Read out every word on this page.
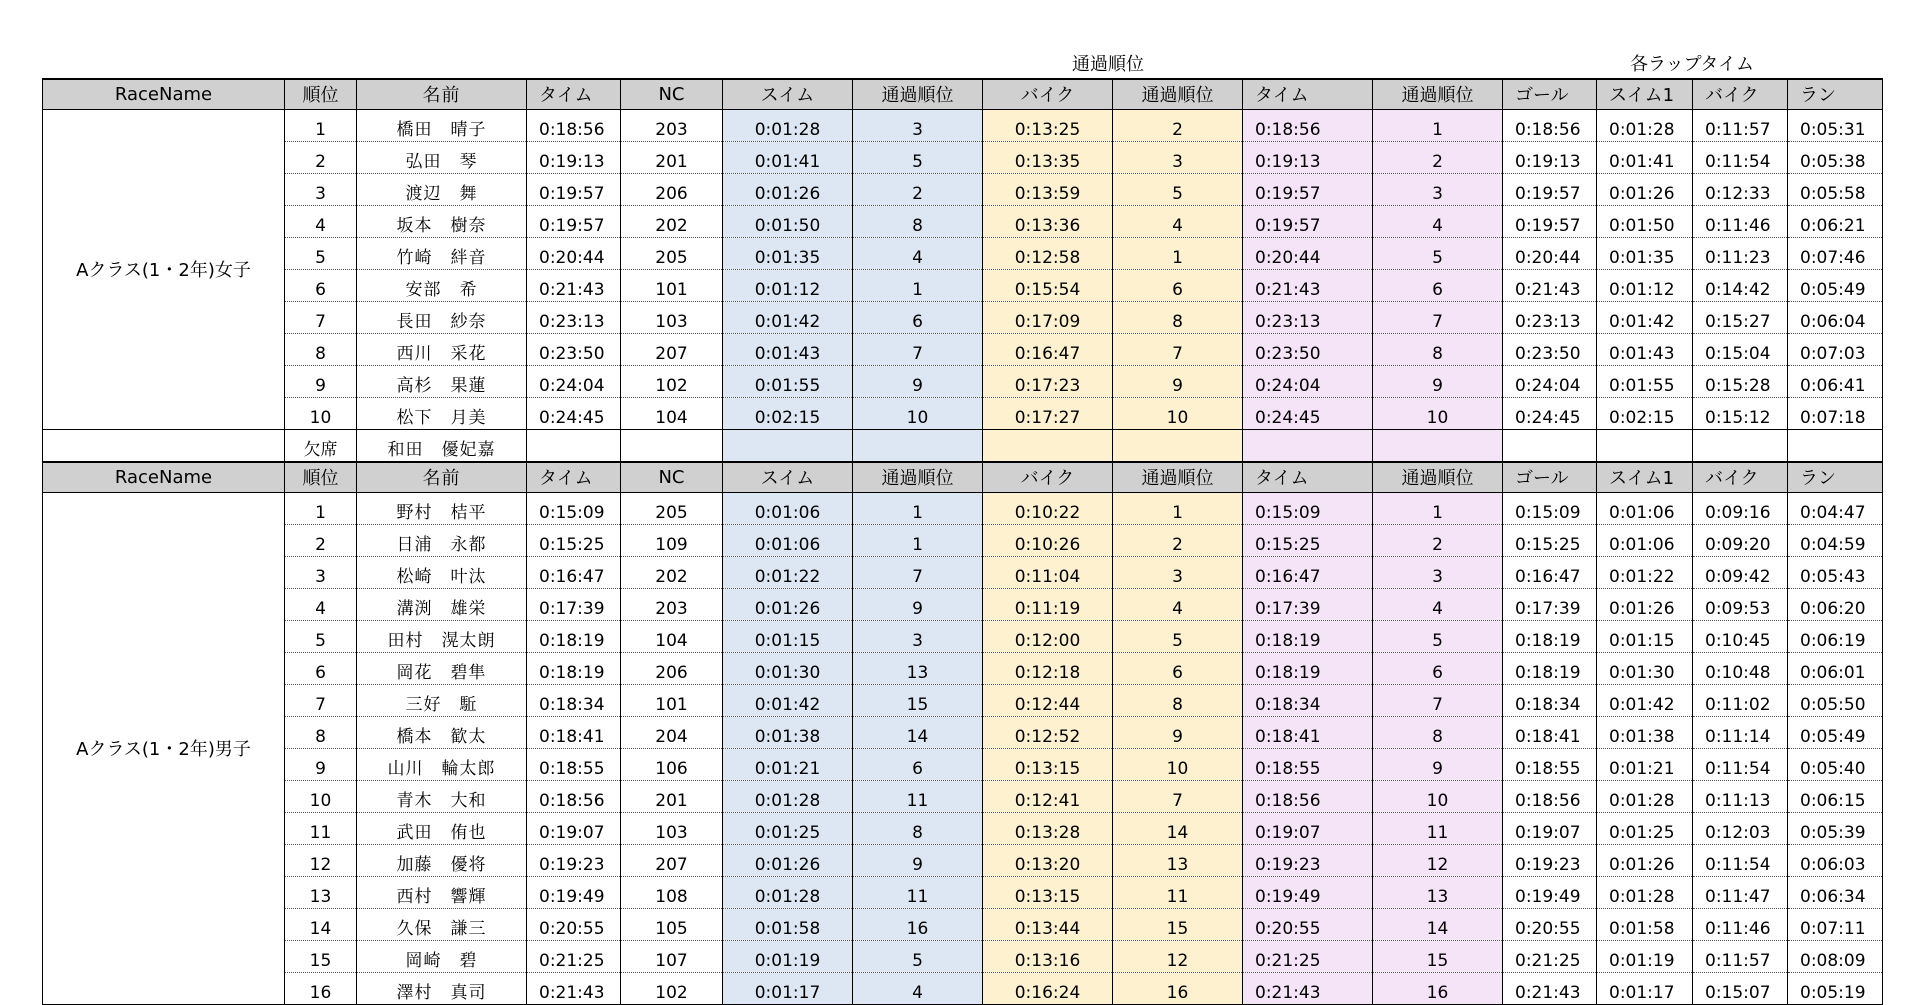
通過順位	各ラップタイム
RaceName	順位	名前	タイム	NC	スイム	通過順位	バイク	通過順位	タイム	通過順位	ゴール	スイム1	バイク	ラン
Aクラス(1・2年)女子	1	橋田　晴子	0:18:56	203	0:01:28	3	0:13:25	2	0:18:56	1	0:18:56	0:01:28	0:11:57	0:05:31
	2	弘田　琴	0:19:13	201	0:01:41	5	0:13:35	3	0:19:13	2	0:19:13	0:01:41	0:11:54	0:05:38
	3	渡辺　舞	0:19:57	206	0:01:26	2	0:13:59	5	0:19:57	3	0:19:57	0:01:26	0:12:33	0:05:58
	4	坂本　樹奈	0:19:57	202	0:01:50	8	0:13:36	4	0:19:57	4	0:19:57	0:01:50	0:11:46	0:06:21
	5	竹崎　絆音	0:20:44	205	0:01:35	4	0:12:58	1	0:20:44	5	0:20:44	0:01:35	0:11:23	0:07:46
	6	安部　希	0:21:43	101	0:01:12	1	0:15:54	6	0:21:43	6	0:21:43	0:01:12	0:14:42	0:05:49
	7	長田　紗奈	0:23:13	103	0:01:42	6	0:17:09	8	0:23:13	7	0:23:13	0:01:42	0:15:27	0:06:04
	8	西川　采花	0:23:50	207	0:01:43	7	0:16:47	7	0:23:50	8	0:23:50	0:01:43	0:15:04	0:07:03
	9	高杉　果蓮	0:24:04	102	0:01:55	9	0:17:23	9	0:24:04	9	0:24:04	0:01:55	0:15:28	0:06:41
	10	松下　月美	0:24:45	104	0:02:15	10	0:17:27	10	0:24:45	10	0:24:45	0:02:15	0:15:12	0:07:18
	欠席	和田　優妃嘉												
RaceName	順位	名前	タイム	NC	スイム	通過順位	バイク	通過順位	タイム	通過順位	ゴール	スイム1	バイク	ラン
Aクラス(1・2年)男子	1	野村　桔平	0:15:09	205	0:01:06	1	0:10:22	1	0:15:09	1	0:15:09	0:01:06	0:09:16	0:04:47
	2	日浦　永都	0:15:25	109	0:01:06	1	0:10:26	2	0:15:25	2	0:15:25	0:01:06	0:09:20	0:04:59
	3	松崎　叶汰	0:16:47	202	0:01:22	7	0:11:04	3	0:16:47	3	0:16:47	0:01:22	0:09:42	0:05:43
	4	溝渕　雄栄	0:17:39	203	0:01:26	9	0:11:19	4	0:17:39	4	0:17:39	0:01:26	0:09:53	0:06:20
	5	田村　滉太朗	0:18:19	104	0:01:15	3	0:12:00	5	0:18:19	5	0:18:19	0:01:15	0:10:45	0:06:19
	6	岡花　碧隼	0:18:19	206	0:01:30	13	0:12:18	6	0:18:19	6	0:18:19	0:01:30	0:10:48	0:06:01
	7	三好　駈	0:18:34	101	0:01:42	15	0:12:44	8	0:18:34	7	0:18:34	0:01:42	0:11:02	0:05:50
	8	橋本　歓太	0:18:41	204	0:01:38	14	0:12:52	9	0:18:41	8	0:18:41	0:01:38	0:11:14	0:05:49
	9	山川　輪太郎	0:18:55	106	0:01:21	6	0:13:15	10	0:18:55	9	0:18:55	0:01:21	0:11:54	0:05:40
	10	青木　大和	0:18:56	201	0:01:28	11	0:12:41	7	0:18:56	10	0:18:56	0:01:28	0:11:13	0:06:15
	11	武田　侑也	0:19:07	103	0:01:25	8	0:13:28	14	0:19:07	11	0:19:07	0:01:25	0:12:03	0:05:39
	12	加藤　優将	0:19:23	207	0:01:26	9	0:13:20	13	0:19:23	12	0:19:23	0:01:26	0:11:54	0:06:03
	13	西村　響輝	0:19:49	108	0:01:28	11	0:13:15	11	0:19:49	13	0:19:49	0:01:28	0:11:47	0:06:34
	14	久保　謙三	0:20:55	105	0:01:58	16	0:13:44	15	0:20:55	14	0:20:55	0:01:58	0:11:46	0:07:11
	15	岡崎　碧	0:21:25	107	0:01:19	5	0:13:16	12	0:21:25	15	0:21:25	0:01:19	0:11:57	0:08:09
	16	澤村　真司	0:21:43	102	0:01:17	4	0:16:24	16	0:21:43	16	0:21:43	0:01:17	0:15:07	0:05:19
